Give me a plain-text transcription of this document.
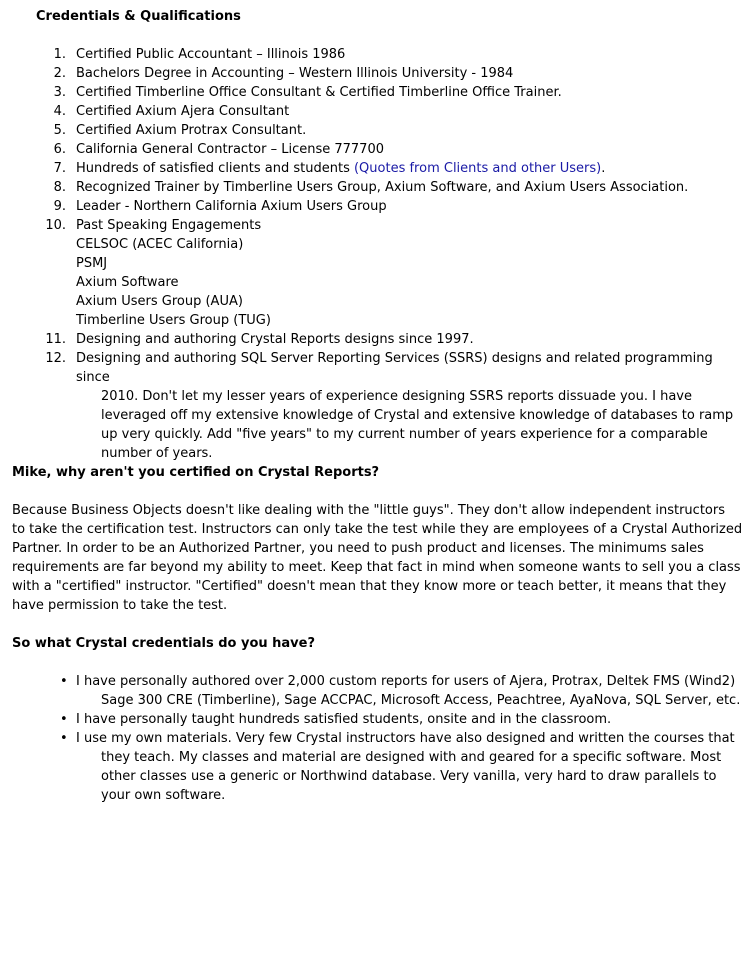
Credentials & Qualifications
1. Certified Public Accountant – Illinois 1986
2. Bachelors Degree in Accounting – Western Illinois University - 1984
3. Certified Timberline Office Consultant & Certified Timberline Office Trainer.
4. Certified Axium Ajera Consultant
5. Certified Axium Protrax Consultant.
6. California General Contractor – License 777700
7. Hundreds of satisfied clients and students (Quotes from Clients and other Users).
8. Recognized Trainer by Timberline Users Group, Axium Software, and Axium Users Association.
9. Leader - Northern California Axium Users Group
10. Past Speaking Engagements
CELSOC (ACEC California)
PSMJ
Axium Software
Axium Users Group (AUA)
Timberline Users Group (TUG)
11. Designing and authoring Crystal Reports designs since 1997.
12. Designing and authoring SQL Server Reporting Services (SSRS) designs and related programming since
2010. Don't let my lesser years of experience designing SSRS reports dissuade you. I have
leveraged off my extensive knowledge of Crystal and extensive knowledge of databases to ramp
up very quickly. Add "five years" to my current number of years experience for a comparable
number of years.
Mike, why aren't you certified on Crystal Reports?

Because Business Objects doesn't like dealing with the "little guys". They don't allow independent instructors
to take the certification test. Instructors can only take the test while they are employees of a Crystal Authorized
Partner. In order to be an Authorized Partner, you need to push product and licenses. The minimums sales
requirements are far beyond my ability to meet. Keep that fact in mind when someone wants to sell you a class
with a "certified" instructor. "Certified" doesn't mean that they know more or teach better, it means that they
have permission to take the test.

So what Crystal credentials do you have?
• I have personally authored over 2,000 custom reports for users of Ajera, Protrax, Deltek FMS (Wind2)
Sage 300 CRE (Timberline), Sage ACCPAC, Microsoft Access, Peachtree, AyaNova, SQL Server, etc.
• I have personally taught hundreds satisfied students, onsite and in the classroom.
• I use my own materials. Very few Crystal instructors have also designed and written the courses that
they teach. My classes and material are designed with and geared for a specific software. Most
other classes use a generic or Northwind database. Very vanilla, very hard to draw parallels to
your own software.
